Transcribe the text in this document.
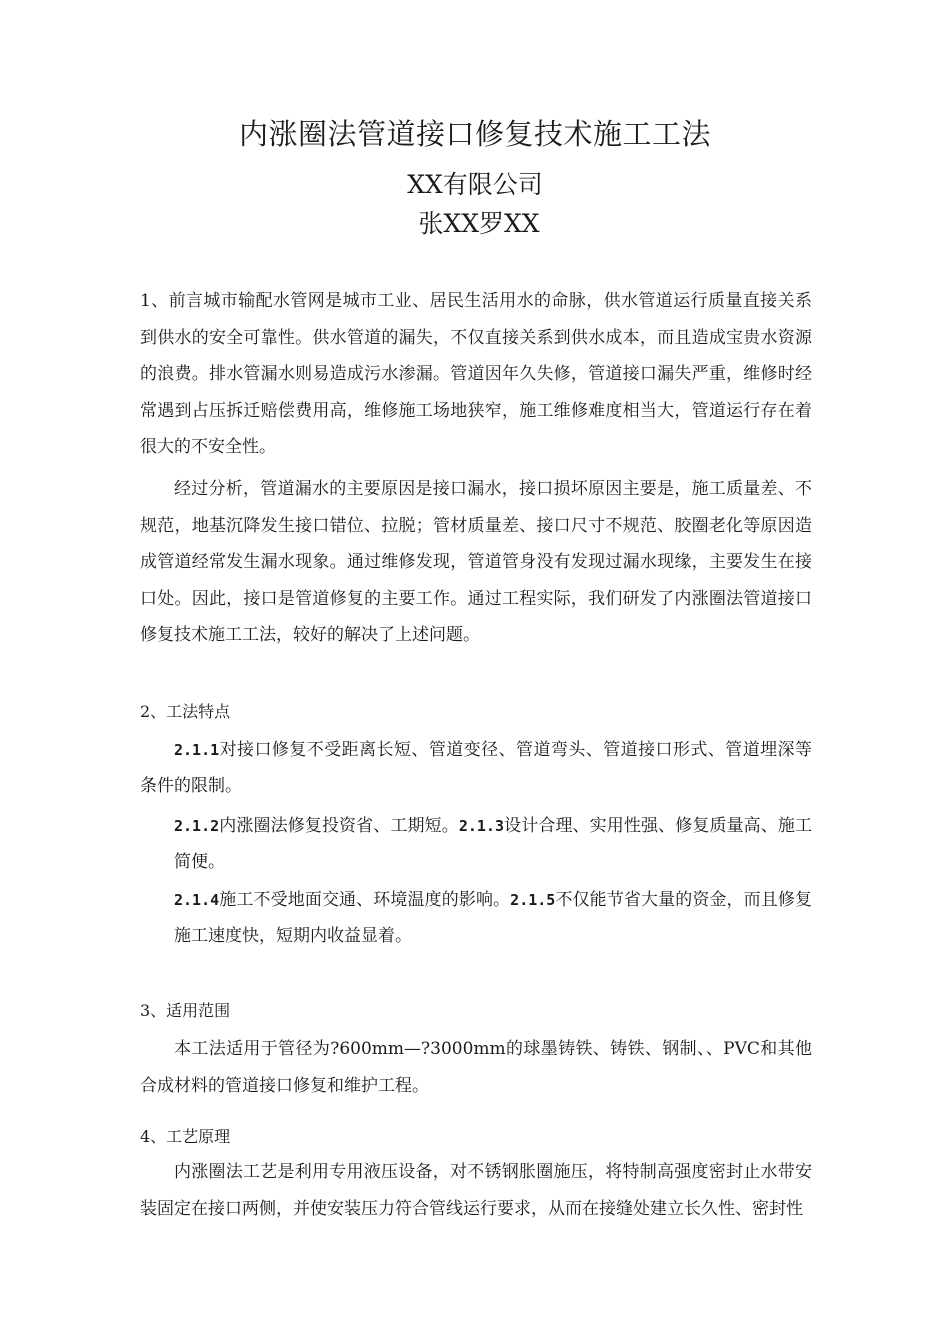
内涨圈法管道接口修复技术施工工法
XX有限公司
张XX罗XX
1、前言城市输配水管网是城市工业、居民生活用水的命脉，供水管道运行质量直接关系到供水的安全可靠性。供水管道的漏失，不仅直接关系到供水成本，而且造成宝贵水资源的浪费。排水管漏水则易造成污水渗漏。管道因年久失修，管道接口漏失严重，维修时经常遇到占压拆迁赔偿费用高，维修施工场地狭窄，施工维修难度相当大，管道运行存在着很大的不安全性。
经过分析，管道漏水的主要原因是接口漏水，接口损坏原因主要是，施工质量差、不规范，地基沉降发生接口错位、拉脱；管材质量差、接口尺寸不规范、胶圈老化等原因造成管道经常发生漏水现象。通过维修发现，管道管身没有发现过漏水现缘，主要发生在接口处。因此，接口是管道修复的主要工作。通过工程实际，我们研发了内涨圈法管道接口修复技术施工工法，较好的解决了上述问题。
2、工法特点
2.1.1对接口修复不受距离长短、管道变径、管道弯头、管道接口形式、管道埋深等条件的限制。
2.1.2内涨圈法修复投资省、工期短。2.1.3设计合理、实用性强、修复质量高、施工简便。
2.1.4施工不受地面交通、环境温度的影响。2.1.5不仅能节省大量的资金，而且修复施工速度快，短期内收益显着。
3、适用范围
本工法适用于管径为?600mm—?3000mm的球墨铸铁、铸铁、钢制、、PVC和其他合成材料的管道接口修复和维护工程。
4、工艺原理
内涨圈法工艺是利用专用液压设备，对不锈钢胀圈施压，将特制高强度密封止水带安装固定在接口两侧，并使安装压力符合管线运行要求，从而在接缝处建立长久性、密封性
